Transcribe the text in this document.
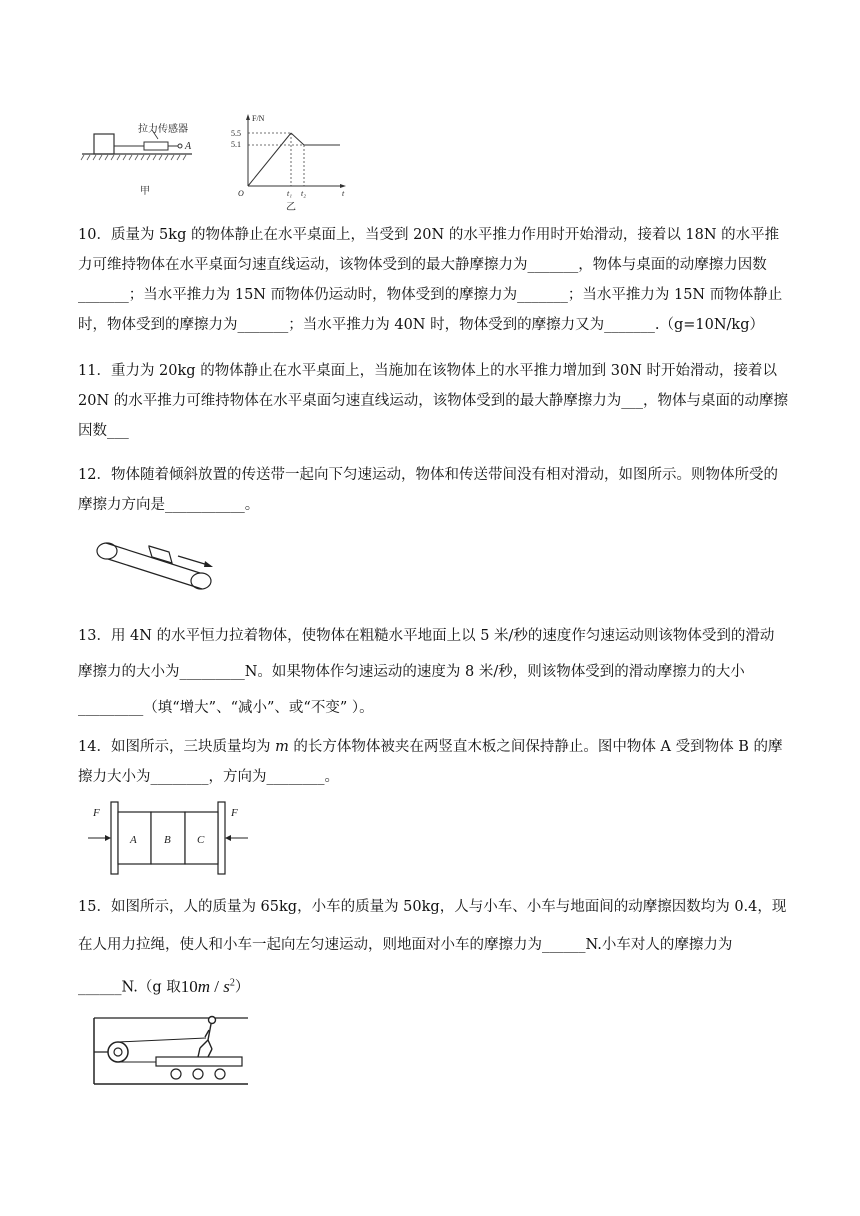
拉力传感器
A
甲
F/N
5.5
5.1
O	t₁ t₂	t
乙
10．质量为 5kg 的物体静止在水平桌面上，当受到 20N 的水平推力作用时开始滑动，接着以 18N 的水平推力可维持物体在水平桌面匀速直线运动，该物体受到的最大静摩擦力为_______，物体与桌面的动摩擦力因数_______；当水平推力为 15N 而物体仍运动时，物体受到的摩擦力为_______；当水平推力为 15N 而物体静止时，物体受到的摩擦力为_______；当水平推力为 40N 时，物体受到的摩擦力又为_______.（g=10N/kg）
11．重力为 20kg 的物体静止在水平桌面上，当施加在该物体上的水平推力增加到 30N 时开始滑动，接着以 20N 的水平推力可维持物体在水平桌面匀速直线运动，该物体受到的最大静摩擦力为___，物体与桌面的动摩擦因数___
12．物体随着倾斜放置的传送带一起向下匀速运动，物体和传送带间没有相对滑动，如图所示。则物体所受的摩擦力方向是___________。
13．用 4N 的水平恒力拉着物体，使物体在粗糙水平地面上以 5 米/秒的速度作匀速运动则该物体受到的滑动摩擦力的大小为_________N。如果物体作匀速运动的速度为 8 米/秒，则该物体受到的滑动摩擦力的大小_________（填“增大”、“减小”、或“不变” ）。
14．如图所示，三块质量均为 m 的长方体物体被夹在两竖直木板之间保持静止。图中物体 A 受到物体 B 的摩擦力大小为________，方向为________。
F	F
A B C
15．如图所示，人的质量为 65kg，小车的质量为 50kg，人与小车、小车与地面间的动摩擦因数均为 0.4，现在人用力拉绳，使人和小车一起向左匀速运动，则地面对小车的摩擦力为______N.小车对人的摩擦力为______N.（g 取$10m / s^2$）
